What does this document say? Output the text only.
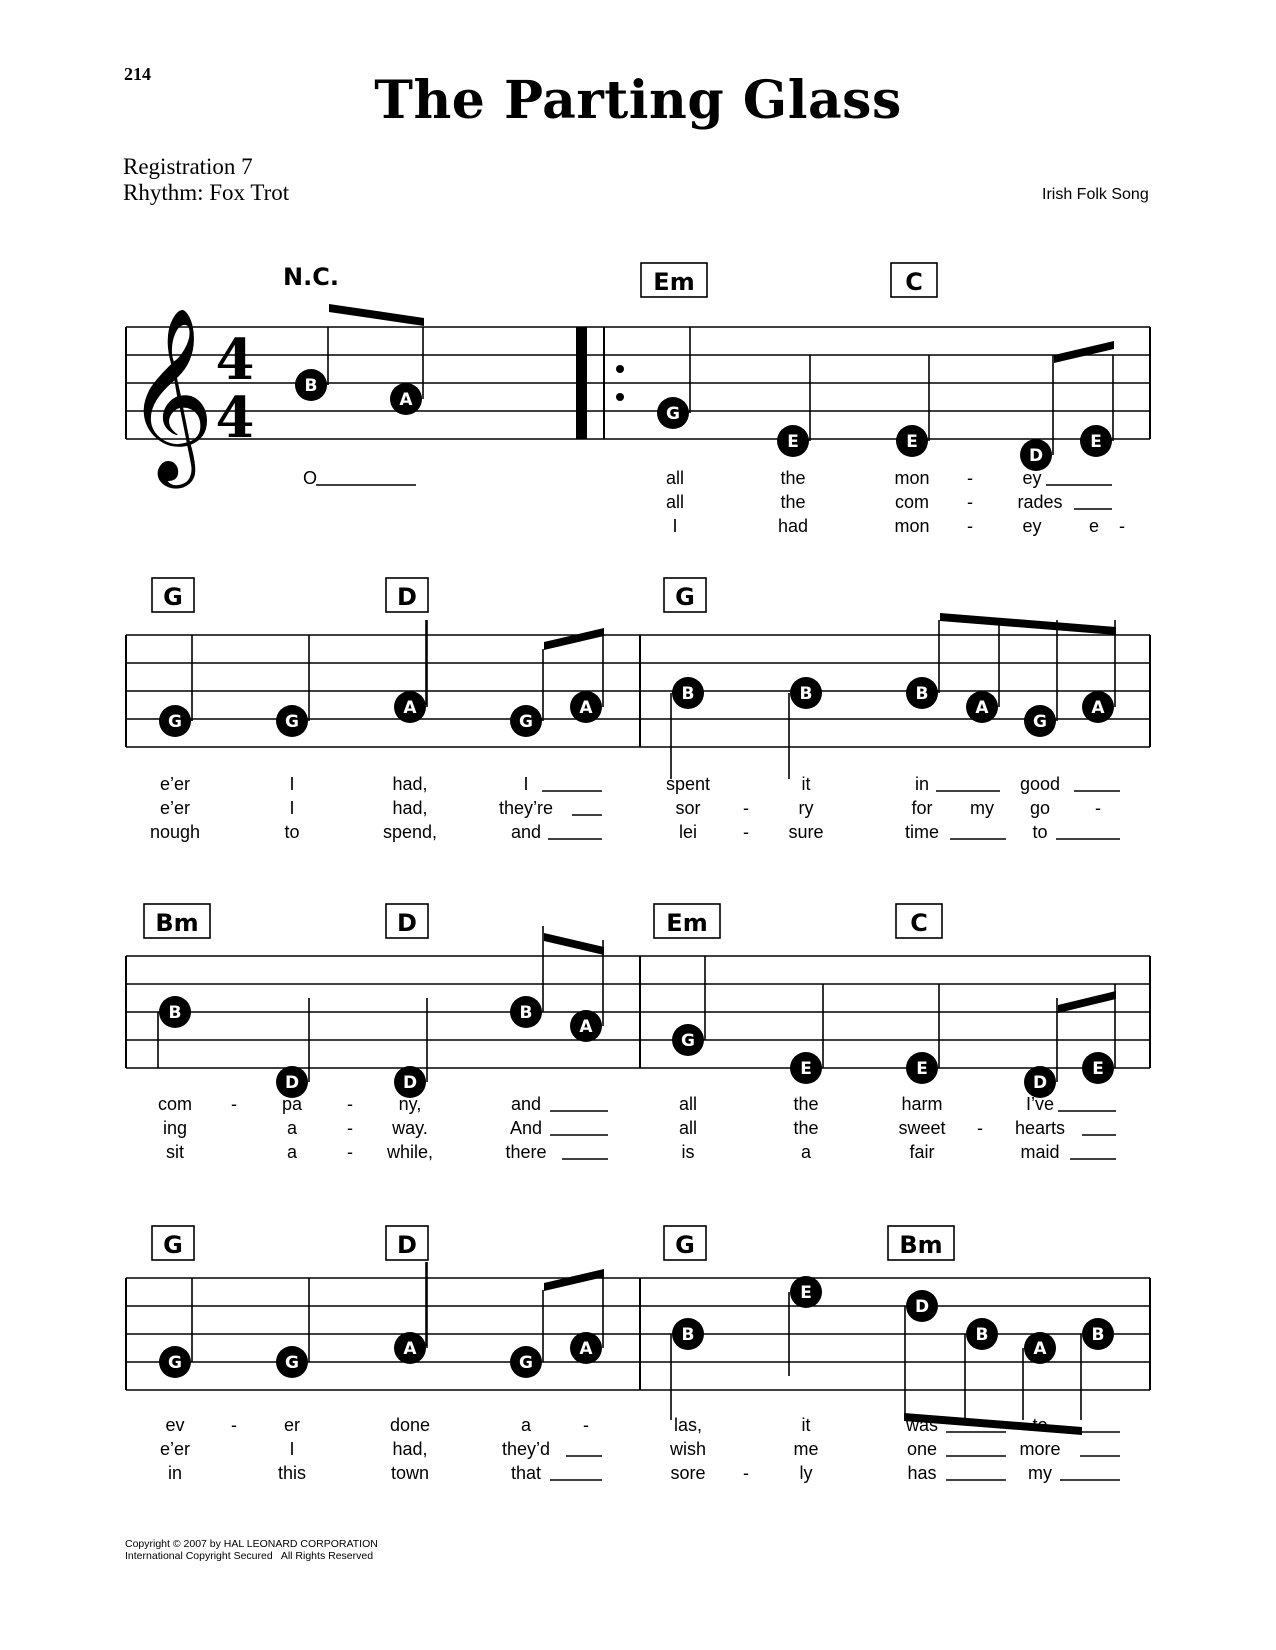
214	The Parting Glass
Registration 7
Rhythm: Fox Trot	Irish Folk Song
𝄞 4
4
N.C.	Em	C
B
A
G
E	E
D
E
O	all	the	mon -	ey
all	the	com - rades
I	had	mon -	ey	e -
G	D	G
G	G
A
G
A
B	B	B
A
G
A
e’er	I	had,	I	spent	it	in	good
e’er	I	had,	they’re	sor -	ry	for my go -
nough	to	spend,	and	lei	- sure	time	to
Bm	D	Em	C
B
D	D
B
A
G
E	E
D
E
com - pa -	ny,	and	all	the	harm	I’ve
ing	a	- way.	And	all	the	sweet - hearts
sit	a	- while,	there	is	a	fair	maid
G	D	G	Bm
G	G
A
G
A
B
E
D
B
A
B
ev	-	er	done	a	-	las,	it	was	to
e’er	I	had,	they’d	wish	me	one	more
in	this	town	that	sore -	ly	has	my
Copyright © 2007 by HAL LEONARD CORPORATION
International Copyright Secured   All Rights Reserved
